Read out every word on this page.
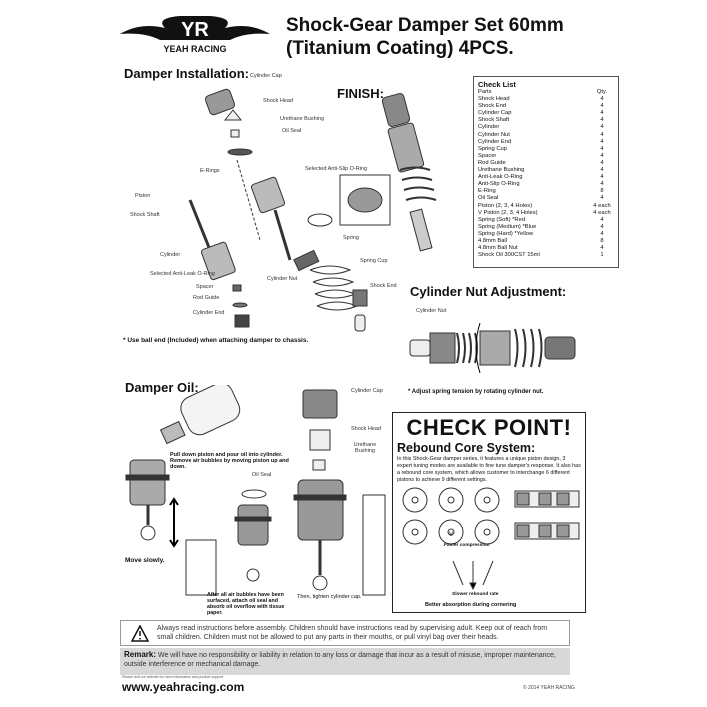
YR
YEAH RACING
Shock-Gear Damper Set 60mm
(Titanium Coating) 4PCS.
Damper Installation:
FINISH:
Cylinder Cap
Shock Head
Urethane Bushing
Oil Seal
E-Rings
Piston
Shock Shaft
Cylinder
Selected Anti-Leak O-Ring
Spacer
Rod Guide
Cylinder End
Selected Anti-Slip O-Ring
Spring
Cylinder Nut
Spring Cup
Shock End
* Use ball end (Included) when attaching damper to chassis.
Check List
Parts	Qty.
Shock Head	4
Shock End	4
Cylinder Cap	4
Shock Shaft	4
Cylinder	4
Cylinder Nut	4
Cylinder End	4
Spring Cup	4
Spacer	4
Rod Guide	4
Urethane Bushing	4
Anti-Leak O-Ring	4
Anti-Slip O-Ring	4
E-Ring	8
Oil Seal	4
Piston (2, 3, 4 Holes)	4 each
V Piston (2, 3, 4 Holes)	4 each
Spring (Soft) *Red	4
Spring (Medium) *Blue	4
Spring (Hard) *Yellow	4
4.8mm Ball	8
4.8mm Ball Nut	4
Shock Oil 300CST 15ml	1
Cylinder Nut Adjustment:
Cylinder Nut
* Adjust spring tension by rotating cylinder nut.
Damper Oil:
Pull down piston and pour oil into cylinder. Remove air bubbles by moving piston up and down.
Move slowly.
Oil Seal
After all air bubbles have been surfaced, attach oil seal and absorb oil overflow with tissue paper.
Cylinder Cap
Shock Head
Urethane Bushing
Then, tighten cylinder cap.
CHECK POINT!
Rebound Core System:
In this Shock-Gear damper series, it features a unique piston design, 3 expert tuning modes are available to fine tune damper's response. It also has a rebound core system, which allows customer to interchange 6 different pistons to achieve 9 different settings.
V
Faster compression
Slower rebound rate
Better absorption during cornering
Always read instructions before assembly. Children should have instructions read by supervising adult. Keep out of reach from small children. Children must not be allowed to put any parts in their mouths, or pull vinyl bag over their heads.
Remark: We will have no responsibility or liability in relation to any loss or damage that incur as a result of misuse, improper maintenance, outside interference or mechanical damage.
Please visit our website for more information and product support.
www.yeahracing.com	© 2014 YEAH RACING
